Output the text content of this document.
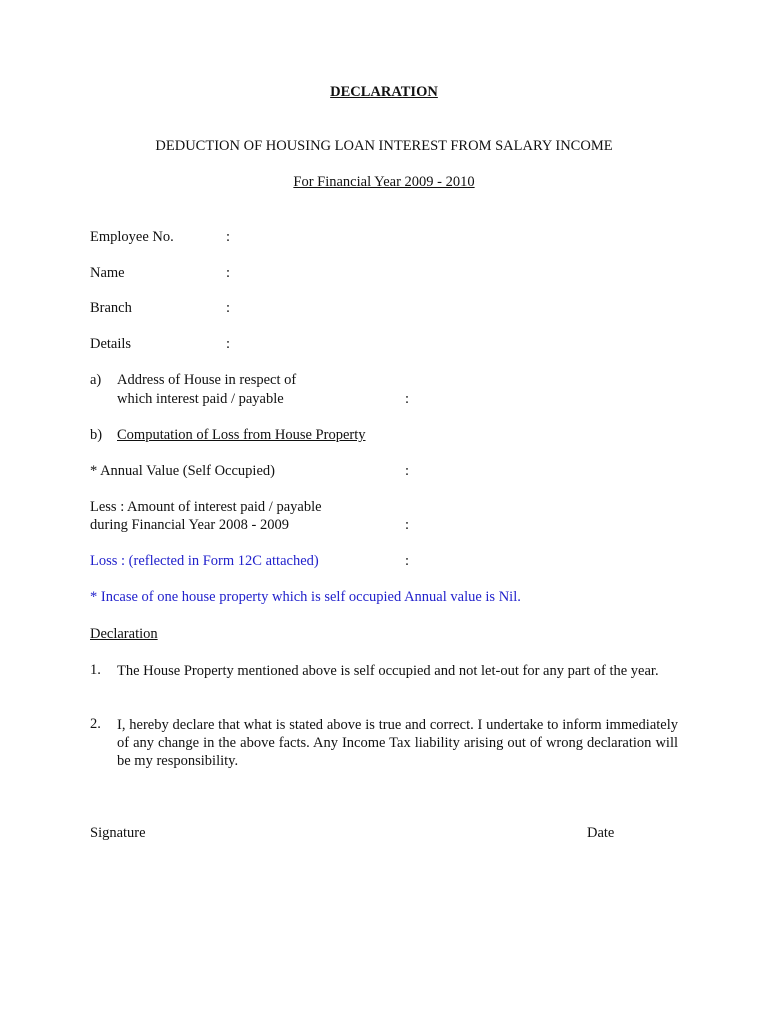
DECLARATION
DEDUCTION OF HOUSING LOAN INTEREST FROM SALARY INCOME
For Financial Year 2009 - 2010
Employee No.	:
Name	:
Branch	:
Details	:
a) Address of House in respect of
which interest paid / payable	:
b) Computation of Loss from House Property
* Annual Value (Self Occupied)	:
Less : Amount of interest paid / payable
during Financial Year 2008 - 2009	:
Loss : (reflected in Form 12C attached)	:
* Incase of one house property which is self occupied Annual value is Nil.
Declaration
1. The House Property mentioned above is self occupied and not let-out for any part of the year.
2. I, hereby declare that what is stated above is true and correct. I undertake to inform immediately of any change in the above facts. Any Income Tax liability arising out of wrong declaration will be my responsibility.
Signature	Date
